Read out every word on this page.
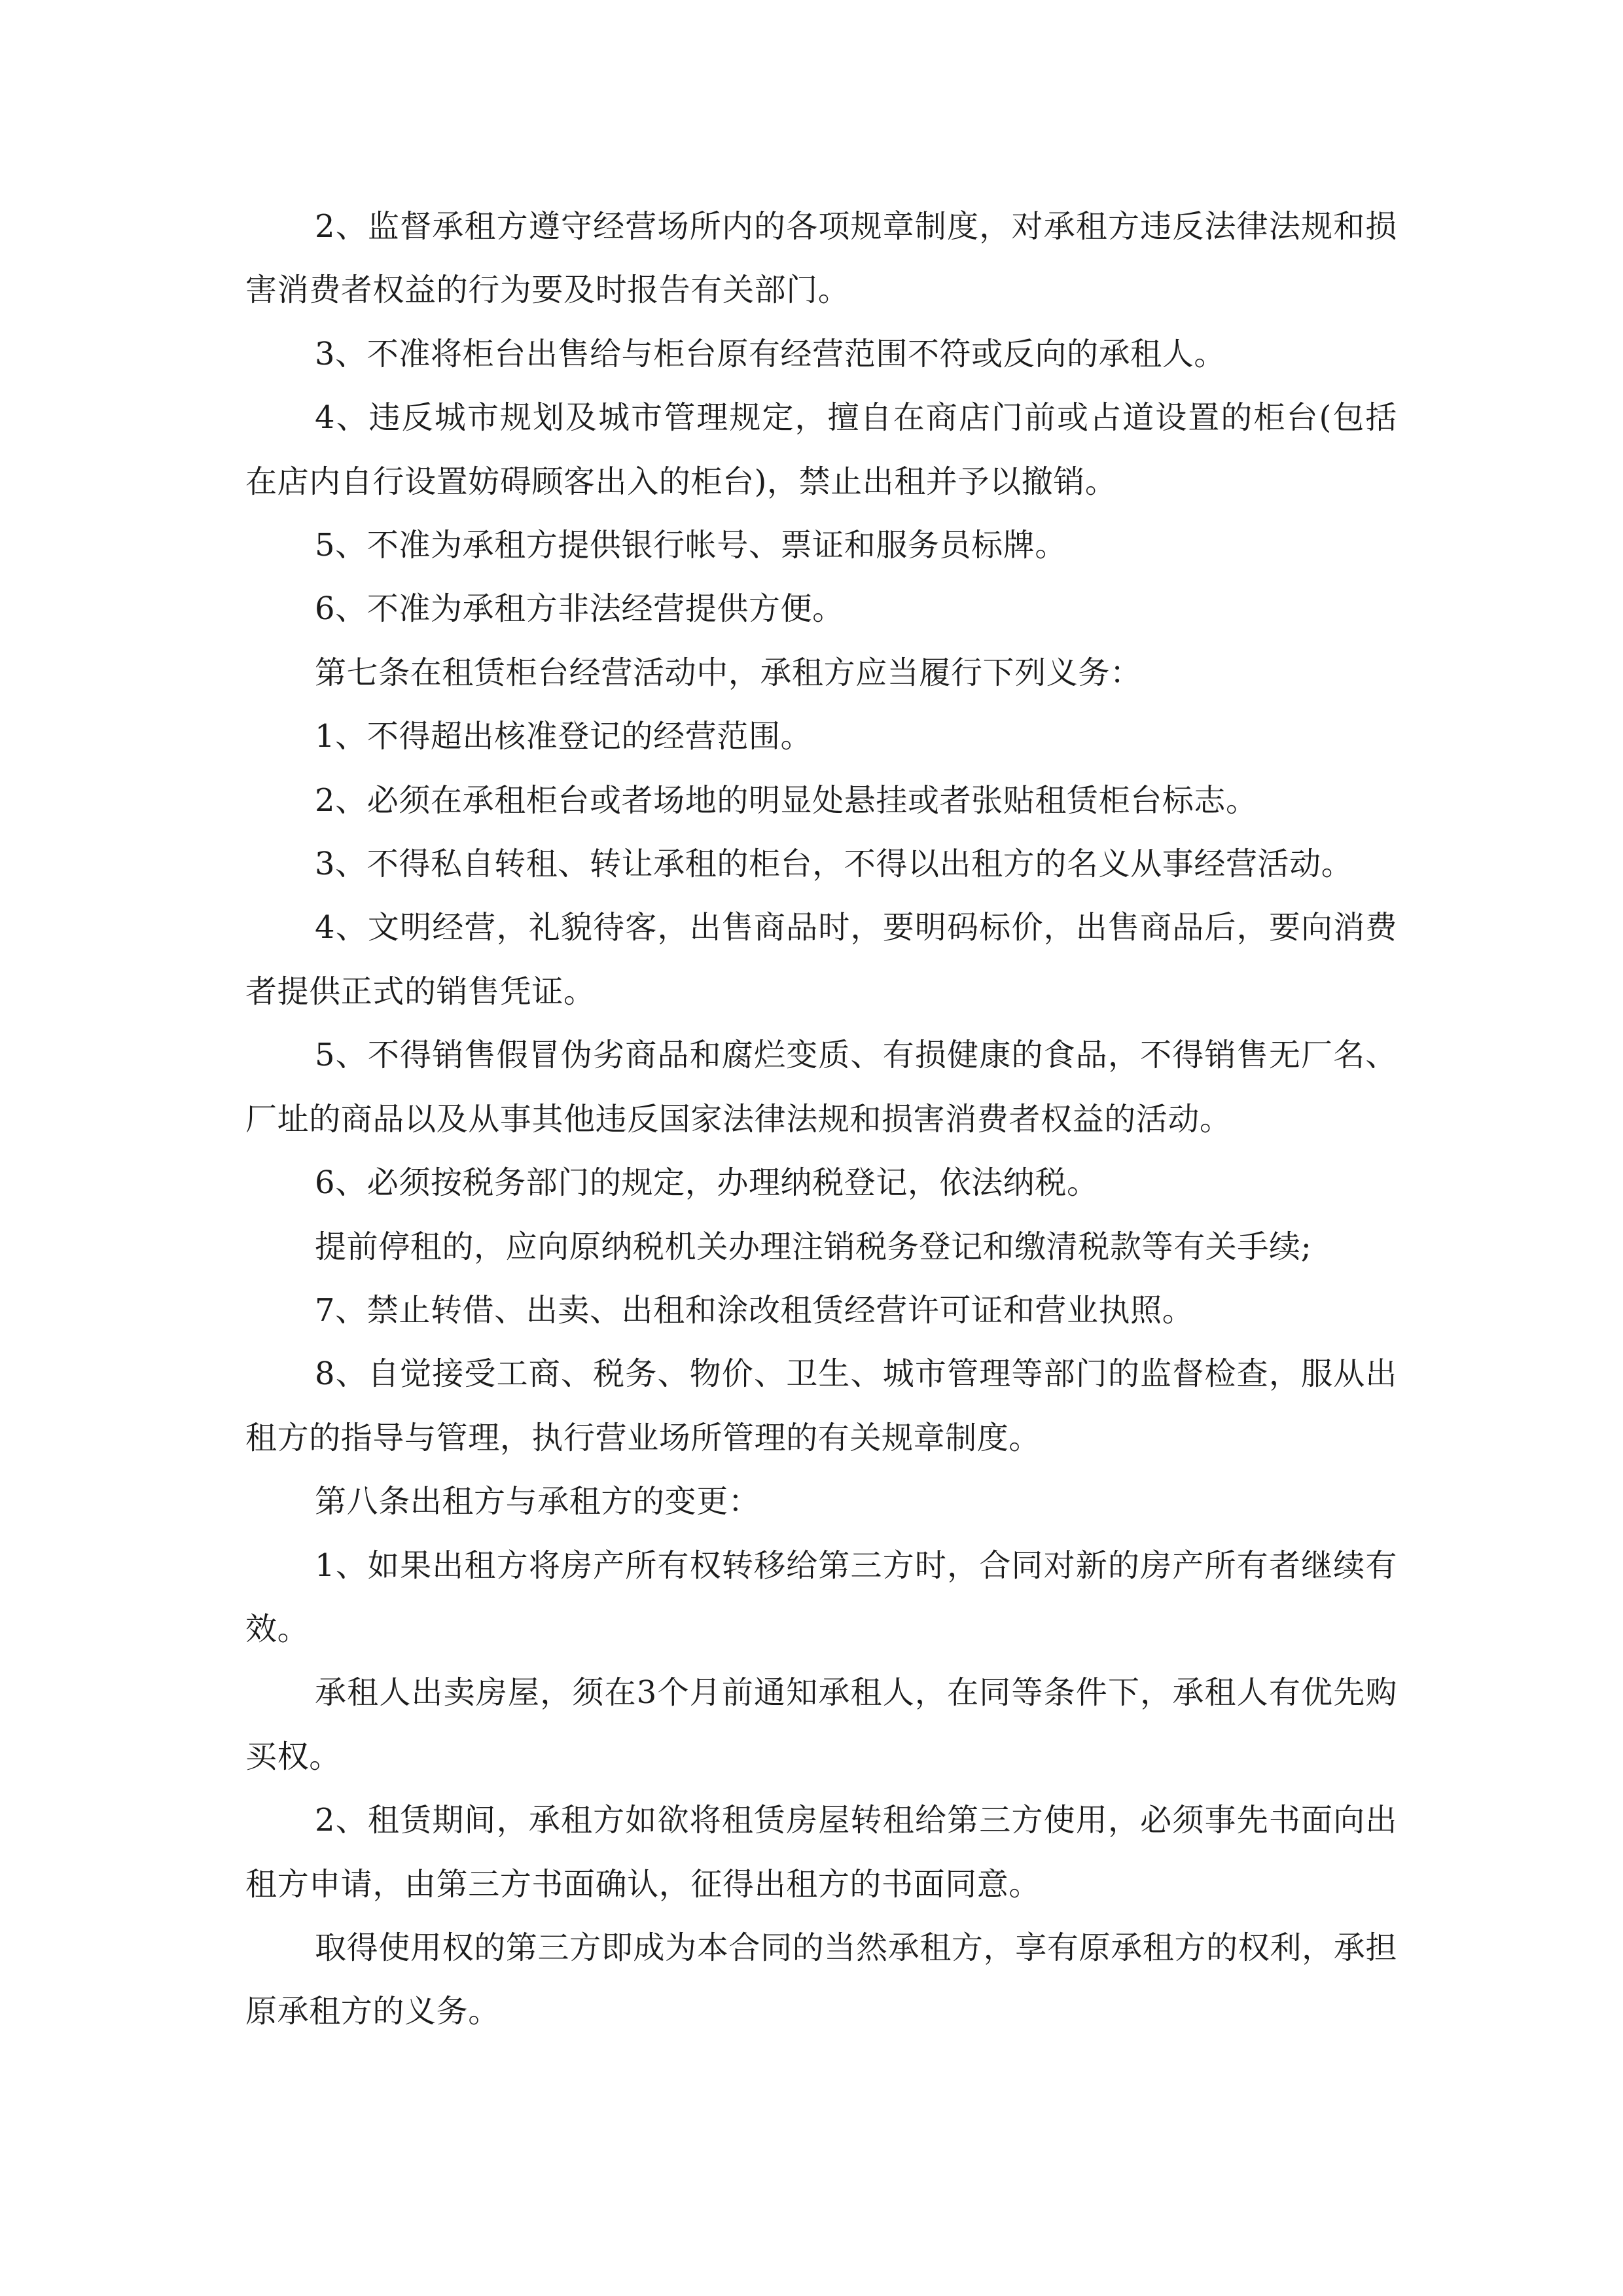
2、监督承租方遵守经营场所内的各项规章制度，对承租方违反法律法规和损害消费者权益的行为要及时报告有关部门。

3、不准将柜台出售给与柜台原有经营范围不符或反向的承租人。

4、违反城市规划及城市管理规定，擅自在商店门前或占道设置的柜台(包括在店内自行设置妨碍顾客出入的柜台)，禁止出租并予以撤销。

5、不准为承租方提供银行帐号、票证和服务员标牌。

6、不准为承租方非法经营提供方便。

第七条在租赁柜台经营活动中，承租方应当履行下列义务：

1、不得超出核准登记的经营范围。

2、必须在承租柜台或者场地的明显处悬挂或者张贴租赁柜台标志。

3、不得私自转租、转让承租的柜台，不得以出租方的名义从事经营活动。

4、文明经营，礼貌待客，出售商品时，要明码标价，出售商品后，要向消费者提供正式的销售凭证。

5、不得销售假冒伪劣商品和腐烂变质、有损健康的食品，不得销售无厂名、厂址的商品以及从事其他违反国家法律法规和损害消费者权益的活动。

6、必须按税务部门的规定，办理纳税登记，依法纳税。

提前停租的，应向原纳税机关办理注销税务登记和缴清税款等有关手续;

7、禁止转借、出卖、出租和涂改租赁经营许可证和营业执照。

8、自觉接受工商、税务、物价、卫生、城市管理等部门的监督检查，服从出租方的指导与管理，执行营业场所管理的有关规章制度。

第八条出租方与承租方的变更：

1、如果出租方将房产所有权转移给第三方时，合同对新的房产所有者继续有效。

承租人出卖房屋，须在3个月前通知承租人，在同等条件下，承租人有优先购买权。

2、租赁期间，承租方如欲将租赁房屋转租给第三方使用，必须事先书面向出租方申请，由第三方书面确认，征得出租方的书面同意。

取得使用权的第三方即成为本合同的当然承租方，享有原承租方的权利，承担原承租方的义务。
